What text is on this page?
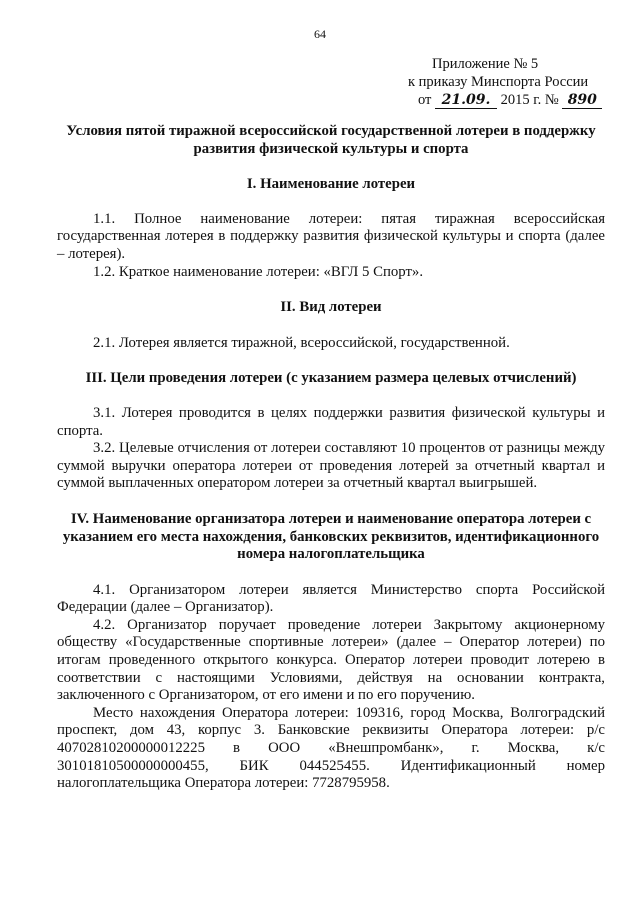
64
Приложение № 5
к приказу Минспорта России
от 21.09. 2015 г. № 890
Условия пятой тиражной всероссийской государственной лотереи в поддержку развития физической культуры и спорта
I. Наименование лотереи

1.1. Полное наименование лотереи: пятая тиражная всероссийская государственная лотерея в поддержку развития физической культуры и спорта (далее – лотерея).

1.2. Краткое наименование лотереи: «ВГЛ 5 Спорт».

II. Вид лотереи

2.1. Лотерея является тиражной, всероссийской, государственной.

III. Цели проведения лотереи (с указанием размера целевых отчислений)

3.1. Лотерея проводится в целях поддержки развития физической культуры и спорта.

3.2. Целевые отчисления от лотереи составляют 10 процентов от разницы между суммой выручки оператора лотереи от проведения лотерей за отчетный квартал и суммой выплаченных оператором лотереи за отчетный квартал выигрышей.

IV. Наименование организатора лотереи и наименование оператора лотереи с указанием его места нахождения, банковских реквизитов, идентификационного номера налогоплательщика

4.1. Организатором лотереи является Министерство спорта Российской Федерации (далее – Организатор).

4.2. Организатор поручает проведение лотереи Закрытому акционерному обществу «Государственные спортивные лотереи» (далее – Оператор лотереи) по итогам проведенного открытого конкурса. Оператор лотереи проводит лотерею в соответствии с настоящими Условиями, действуя на основании контракта, заключенного с Организатором, от его имени и по его поручению.

Место нахождения Оператора лотереи: 109316, город Москва, Волгоградский проспект, дом 43, корпус 3. Банковские реквизиты Оператора лотереи: р/с 40702810200000012225 в ООО «Внешпромбанк», г. Москва, к/с 30101810500000000455, БИК 044525455. Идентификационный номер налогоплательщика Оператора лотереи: 7728795958.
